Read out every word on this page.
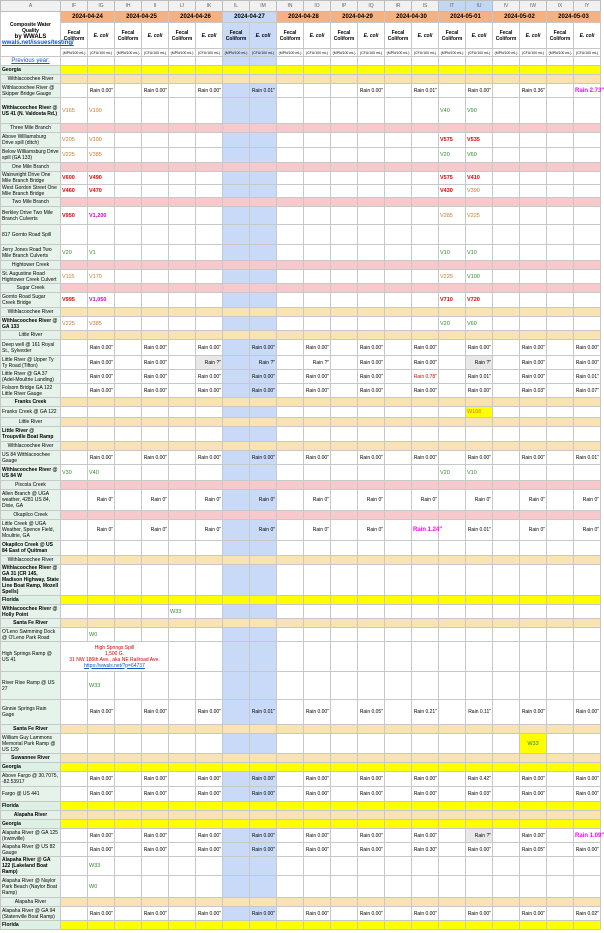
A	IF	IG	IH	II	IJ	IK	IL	IM	IN	IO	IP	IQ	IR	IS	IT	IU	IV	IW	IX	IY

Composite Water Quality
by WWALS
wwals.net/issues/testing/	2024-04-24		2024-04-25		2024-04-26		2024-04-27		2024-04-28		2024-04-29		2024-04-30		2024-05-01		2024-05-02		2024-05-03	
	Fecal Coliform	E. coli	Fecal Coliform	E. coli	Fecal Coliform	E. coli	Fecal Coliform	E. coli	Fecal Coliform	E. coli	Fecal Coliform	E. coli	Fecal Coliform	E. coli	Fecal Coliform	E. coli	Fecal Coliform	E. coli	Fecal Coliform	E. coli
	(MPN/100 mL)	(CFU/100 mL)	(MPN/100 mL)	(CFU/100 mL)	(MPN/100 mL)	(CFU/100 mL)	(MPN/100 mL)	(CFU/100 mL)	(MPN/100 mL)	(CFU/100 mL)	(MPN/100 mL)	(CFU/100 mL)	(MPN/100 mL)	(CFU/100 mL)	(MPN/100 mL)	(CFU/100 mL)	(MPN/100 mL)	(CFU/100 mL)	(MPN/100 mL)	(CFU/100 mL)
Previous year:																				
Georgia																				
Withlacoochee River																				
Withlacoochee River @ Skipper Bridge Gauge		Rain 0.00"		Rain 0.00"		Rain 0.00"		Rain 0.01"				Rain 0.00"		Rain 0.01"		Rain 0.00"		Rain 0.36"		Rain 2.73"
Withlacoochee River @ US 41 (N. Valdosta Rd.)	V165	V190													V40	V90				
Three Mile Branch																				
Above Williamsburg Drive spill (ditch)	V205	V190													V575	V535				
Below Williamsburg Drive spill (GA 133)	V225	V385													V20	V60				
One Mile Branch																				
Wainwright Drive One Mile Branch Bridge	V600	V490													V575	V410				
West Gordon Street One Mile Branch Bridge	V460	V470													V430	V390				
Two Mile Branch																				
Berkley Drive Two Mile Branch Culverts	V950	V1,200													V285	V225				
817 Gornto Road Spill																				
Jerry Jones Road Two Mile Branch Culverts	V20	V1													V10	V10				
Hightower Creek																				
St. Augustine Road Hightower Creek Culvert	V115	V170													V225	V100				
Sugar Creek																				
Gornto Road Sugar Creek Bridge	V995	V1,050													V710	V720				
Withlacoochee River																				
Withlacoochee River @ GA 133	V225	V385													V20	V60				
Little River																				
Deep well @ 161 Royal St., Sylvester		Rain 0.00"		Rain 0.00"		Rain 0.00"		Rain 0.00"		Rain 0.00"		Rain 0.00"		Rain 0.00"		Rain 0.00"		Rain 0.00"		Rain 0.00"
Little River @ Upper Ty Ty Road (Tifton)		Rain 0.00"		Rain 0.00"		Rain ?"		Rain ?"		Rain ?"		Rain 0.00"		Rain 0.00"		Rain ?"		Rain 0.00"		Rain 0.00"
Little River @ GA 37 (Adel-Moultrie Landing)		Rain 0.00"		Rain 0.00"		Rain 0.00"		Rain 0.00"		Rain 0.00"		Rain 0.00"		Rain 0.78"		Rain 0.01"		Rain 0.00"		Rain 0.01"
Folsom Bridge GA 122 Little River Gauge		Rain 0.00"		Rain 0.00"		Rain 0.00"		Rain 0.00"		Rain 0.00"		Rain 0.00"		Rain 0.00"		Rain 0.00"		Rain 0.03"		Rain 0.07"
Franks Creek																				
Franks Creek @ GA 122																W166				
Little River																				
Little River @ Troupville Boat Ramp																				
Withlacoochee River																				
US 84 Withlacoochee Gauge		Rain 0.00"		Rain 0.00"		Rain 0.00"		Rain 0.00"		Rain 0.00"		Rain 0.00"		Rain 0.00"		Rain 0.00"		Rain 0.00"		Rain 0.01"
Withlacoochee River @ US 84 W	V30	V40													V20	V10				
Piscola Creek																				
Allen Branch @ UGA weather, 4281 US 84, Dixie, GA		Rain 0"		Rain 0"		Rain 0"		Rain 0"		Rain 0"		Rain 0"		Rain 0"		Rain 0"		Rain 0"		Rain 0"
Okapilco Creek																				
Little Creek @ UGA Weather, Spence Field, Moultrie, GA		Rain 0"		Rain 0"		Rain 0"		Rain 0"		Rain 0"		Rain 0"		Rain 1.24"		Rain 0.01"		Rain 0"		Rain 0"
Okapilco Creek @ US 84 East of Quitman																				
Withlacoochee River																				
Withlacoochee River @ GA 31 (CR 145, Madison Highway, State Line Boat Ramp, Mozell Spells)																				
Florida																				
Withlacoochee River @ Holly Point					W33															
Santa Fe River																				
O'Leno Swimming Dock @ O'Leno Park Road		W0																		
High Springs Ramp @ US 41	High Springs Spill
1,500 G.
31 NW 186th Ave., aka NE Railroad Ave.
https://wwals.net/?p=64737																			

River Rise Ramp @ US 27		W33																		
Ginnie Springs Rain Gage		Rain 0.00"		Rain 0.00"		Rain 0.00"		Rain 0.01"		Rain 0.00"		Rain 0.05"		Rain 0.21"		Rain 0.11"		Rain 0.00"		Rain 0.00"
Santa Fe River																				
William Guy Lammons Memorial Park Ramp @ US 129																		W33		
Suwannee River																				
Georgia																				
Above Fargo @ 30.7075, -82.53917		Rain 0.00"		Rain 0.00"		Rain 0.00"		Rain 0.00"		Rain 0.00"		Rain 0.00"		Rain 0.00"		Rain 0.42"		Rain 0.00"		Rain 0.00"
Fargo @ US 441		Rain 0.00"		Rain 0.00"		Rain 0.00"		Rain 0.00"		Rain 0.00"		Rain 0.00"		Rain 0.00"		Rain 0.03"		Rain 0.00"		Rain 0.00"
Florida																				
Alapaha River																				
Georgia																				
Alapaha River @ GA 125 (Irwinville)		Rain 0.00"		Rain 0.00"		Rain 0.00"		Rain 0.00"		Rain 0.00"		Rain 0.00"		Rain 0.00"		Rain ?"		Rain 0.00"		Rain 1.09"
Alapaha River @ US 82 Gauge		Rain 0.00"		Rain 0.00"		Rain 0.00"		Rain 0.00"		Rain 0.00"		Rain 0.00"		Rain 0.30"		Rain 0.00"		Rain 0.05"		Rain 0.00"
Alapaha River @ GA 122 (Lakeland Boat Ramp)		W33																		
Alapaha River @ Naylor Park Beach (Naylor Boat Ramp)		W0																		
Alapaha River																				
Alapaha River @ GA 94 (Statenville Boat Ramp)		Rain 0.00"		Rain 0.00"		Rain 0.00"		Rain 0.00"		Rain 0.00"		Rain 0.00"		Rain 0.00"		Rain 0.00"		Rain 0.00"		Rain 0.02"
Florida																				
